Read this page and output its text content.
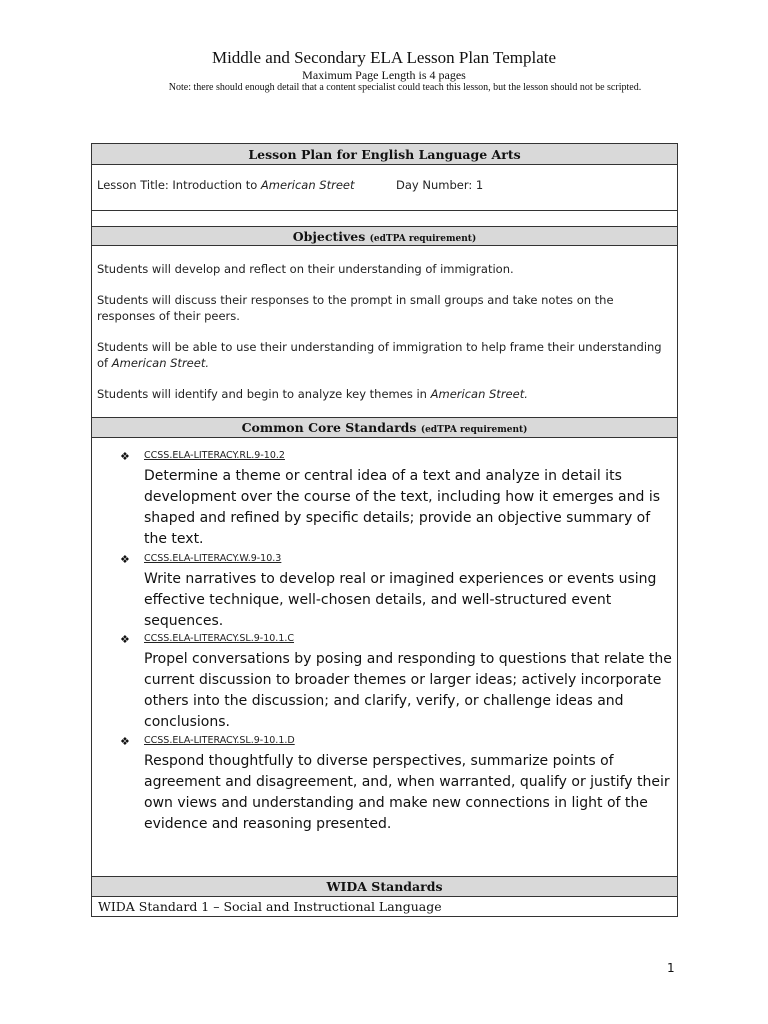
Middle and Secondary ELA Lesson Plan Template
Maximum Page Length is 4 pages
Note: there should enough detail that a content specialist could teach this lesson, but the lesson should not be scripted.
Lesson Plan for English Language Arts
Lesson Title: Introduction to American Street	Day Number: 1
Objectives (edTPA requirement)

Students will develop and reflect on their understanding of immigration.

Students will discuss their responses to the prompt in small groups and take notes on the responses of their peers.

Students will be able to use their understanding of immigration to help frame their understanding of American Street.

Students will identify and begin to analyze key themes in American Street.

Common Core Standards (edTPA requirement)
❖ CCSS.ELA-LITERACY.RL.9-10.2
Determine a theme or central idea of a text and analyze in detail its development over the course of the text, including how it emerges and is shaped and refined by specific details; provide an objective summary of the text.
❖ CCSS.ELA-LITERACY.W.9-10.3
Write narratives to develop real or imagined experiences or events using effective technique, well-chosen details, and well-structured event sequences.
❖ CCSS.ELA-LITERACY.SL.9-10.1.C
Propel conversations by posing and responding to questions that relate the current discussion to broader themes or larger ideas; actively incorporate others into the discussion; and clarify, verify, or challenge ideas and conclusions.
❖ CCSS.ELA-LITERACY.SL.9-10.1.D
Respond thoughtfully to diverse perspectives, summarize points of agreement and disagreement, and, when warranted, qualify or justify their own views and understanding and make new connections in light of the evidence and reasoning presented.
WIDA Standards
WIDA Standard 1 – Social and Instructional Language
1
